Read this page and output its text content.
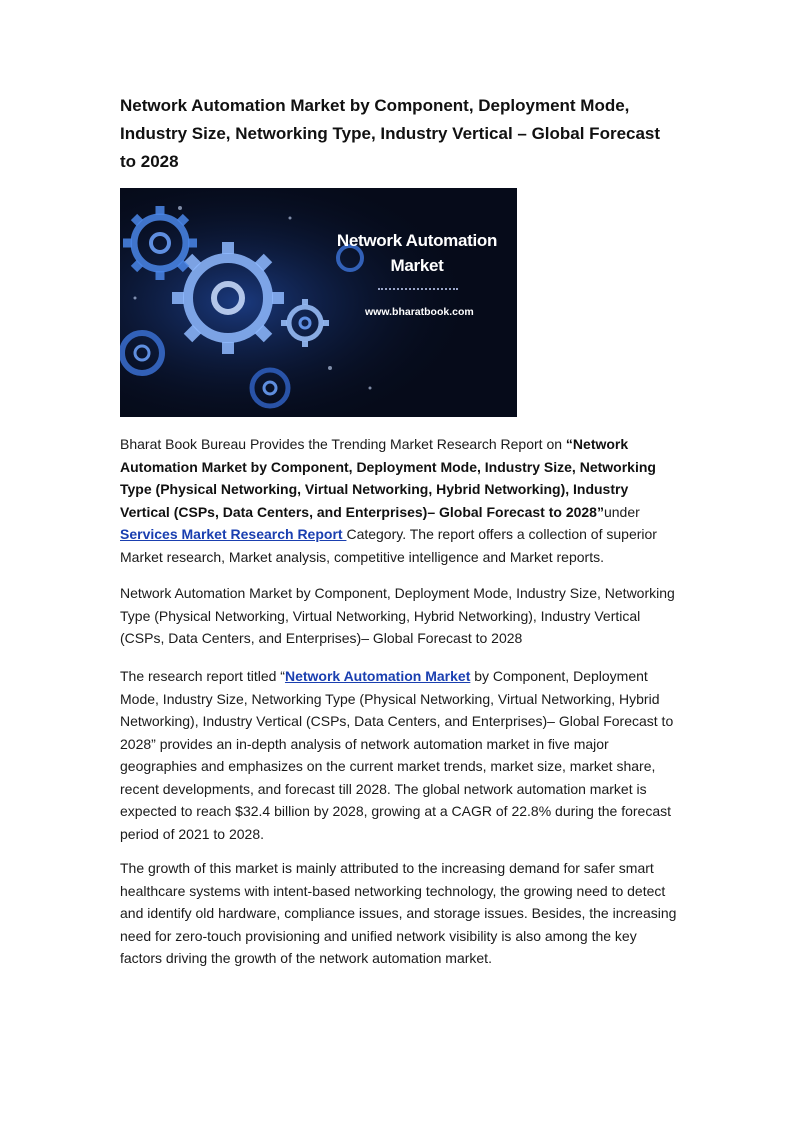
Network Automation Market by Component, Deployment Mode, Industry Size, Networking Type, Industry Vertical – Global Forecast to 2028
Network Automation
Market
www.bharatbook.com

Bharat Book Bureau Provides the Trending Market Research Report on “Network Automation Market by Component, Deployment Mode, Industry Size, Networking Type (Physical Networking, Virtual Networking, Hybrid Networking), Industry Vertical (CSPs, Data Centers, and Enterprises)– Global Forecast to 2028”under
Services Market Research Report Category. The report offers a collection of superior Market research, Market analysis, competitive intelligence and Market reports.

Network Automation Market by Component, Deployment Mode, Industry Size, Networking Type (Physical Networking, Virtual Networking, Hybrid Networking), Industry Vertical (CSPs, Data Centers, and Enterprises)– Global Forecast to 2028

The research report titled “Network Automation Market by Component, Deployment Mode, Industry Size, Networking Type (Physical Networking, Virtual Networking, Hybrid Networking), Industry Vertical (CSPs, Data Centers, and Enterprises)– Global Forecast to 2028” provides an in-depth analysis of network automation market in five major geographies and emphasizes on the current market trends, market size, market share, recent developments, and forecast till 2028. The global network automation market is expected to reach $32.4 billion by 2028, growing at a CAGR of 22.8% during the forecast period of 2021 to 2028.

The growth of this market is mainly attributed to the increasing demand for safer smart healthcare systems with intent-based networking technology, the growing need to detect and identify old hardware, compliance issues, and storage issues. Besides, the increasing need for zero-touch provisioning and unified network visibility is also among the key factors driving the growth of the network automation market.
